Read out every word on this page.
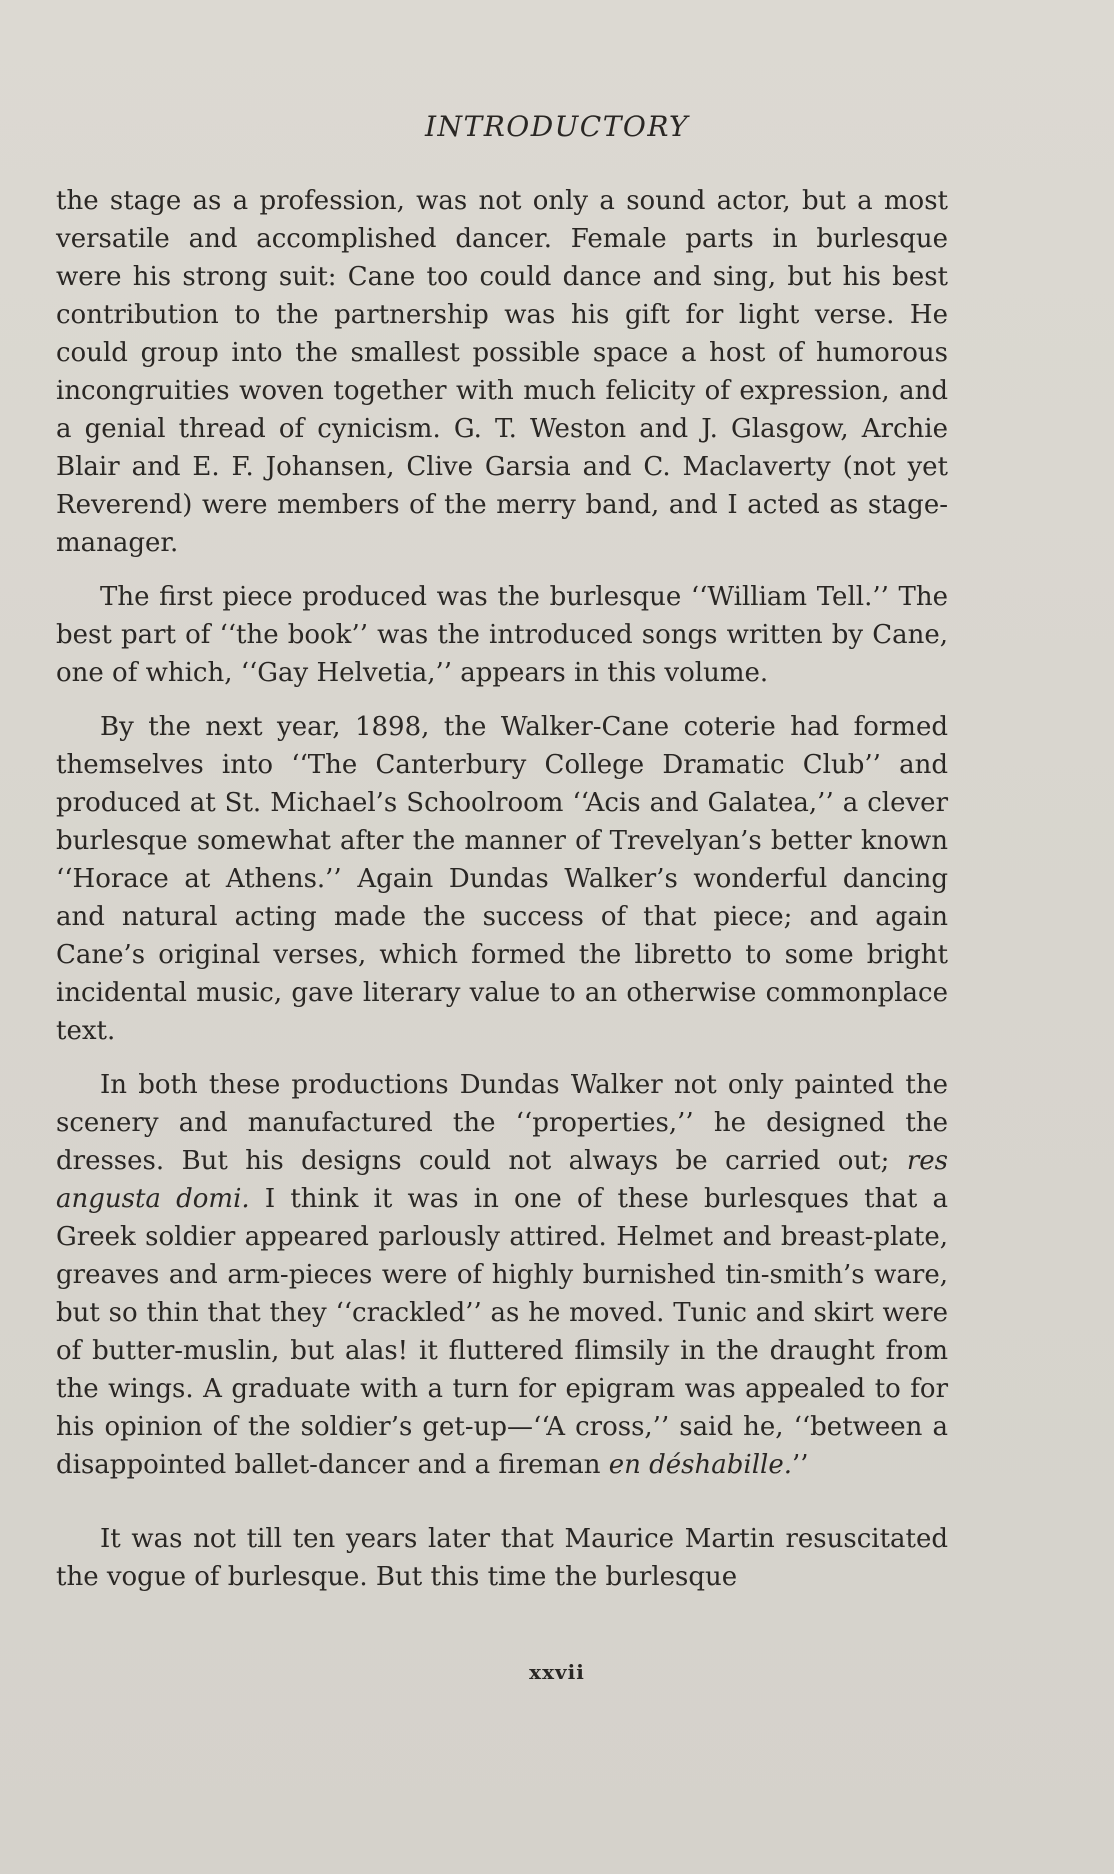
INTRODUCTORY

the stage as a profession, was not only a sound actor, but a most versatile and accomplished dancer. Female parts in burlesque were his strong suit: Cane too could dance and sing, but his best contribution to the partnership was his gift for light verse. He could group into the smallest possible space a host of humorous incongruities woven together with much felicity of expression, and a genial thread of cynicism. G. T. Weston and J. Glasgow, Archie Blair and E. F. Johansen, Clive Garsia and C. Maclaverty (not yet Reverend) were members of the merry band, and I acted as stage-manager.

The first piece produced was the burlesque ‘‘William Tell.’’ The best part of ‘‘the book’’ was the introduced songs written by Cane, one of which, ‘‘Gay Helvetia,’’ appears in this volume.

By the next year, 1898, the Walker-Cane coterie had formed themselves into ‘‘The Canterbury College Dramatic Club’’ and produced at St. Michael’s Schoolroom ‘‘Acis and Galatea,’’ a clever burlesque somewhat after the manner of Trevelyan’s better known ‘‘Horace at Athens.’’ Again Dundas Walker’s wonderful dancing and natural acting made the success of that piece; and again Cane’s original verses, which formed the libretto to some bright incidental music, gave literary value to an otherwise commonplace text.

In both these productions Dundas Walker not only painted the scenery and manufactured the ‘‘properties,’’ he designed the dresses. But his designs could not always be carried out; res angusta domi. I think it was in one of these burlesques that a Greek soldier appeared parlously attired. Helmet and breast-plate, greaves and arm-pieces were of highly burnished tin-smith’s ware, but so thin that they ‘‘crackled’’ as he moved. Tunic and skirt were of butter-muslin, but alas! it fluttered flimsily in the draught from the wings. A graduate with a turn for epigram was appealed to for his opinion of the soldier’s get-up—‘‘A cross,’’ said he, ‘‘between a disappointed ballet-dancer and a fireman en déshabille.’’

It was not till ten years later that Maurice Martin resuscitated the vogue of burlesque. But this time the burlesque

xxvii
